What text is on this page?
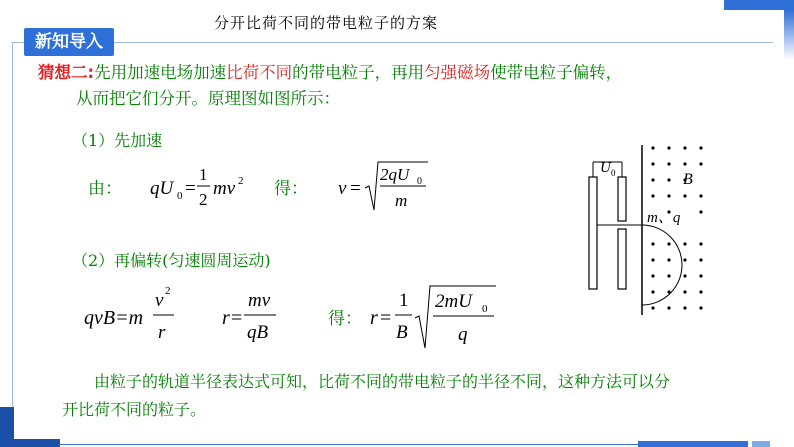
分开比荷不同的带电粒子的方案
新知导入
猜想二:先用加速电场加速比荷不同的带电粒子，再用匀强磁场使带电粒子偏转，
从而把它们分开。原理图如图所示：
（1）先加速
（2）再偏转(匀速圆周运动)
由： qU 0 =
1
2
mv 2 得： v =
2qU 0
m
qvB=m
v 2
r
r =
mv
qB
得： r =
1
B
2mU 0
q
U 0	B
m、q
由粒子的轨道半径表达式可知，比荷不同的带电粒子的半径不同，这种方法可以分开比荷不同的粒子。
